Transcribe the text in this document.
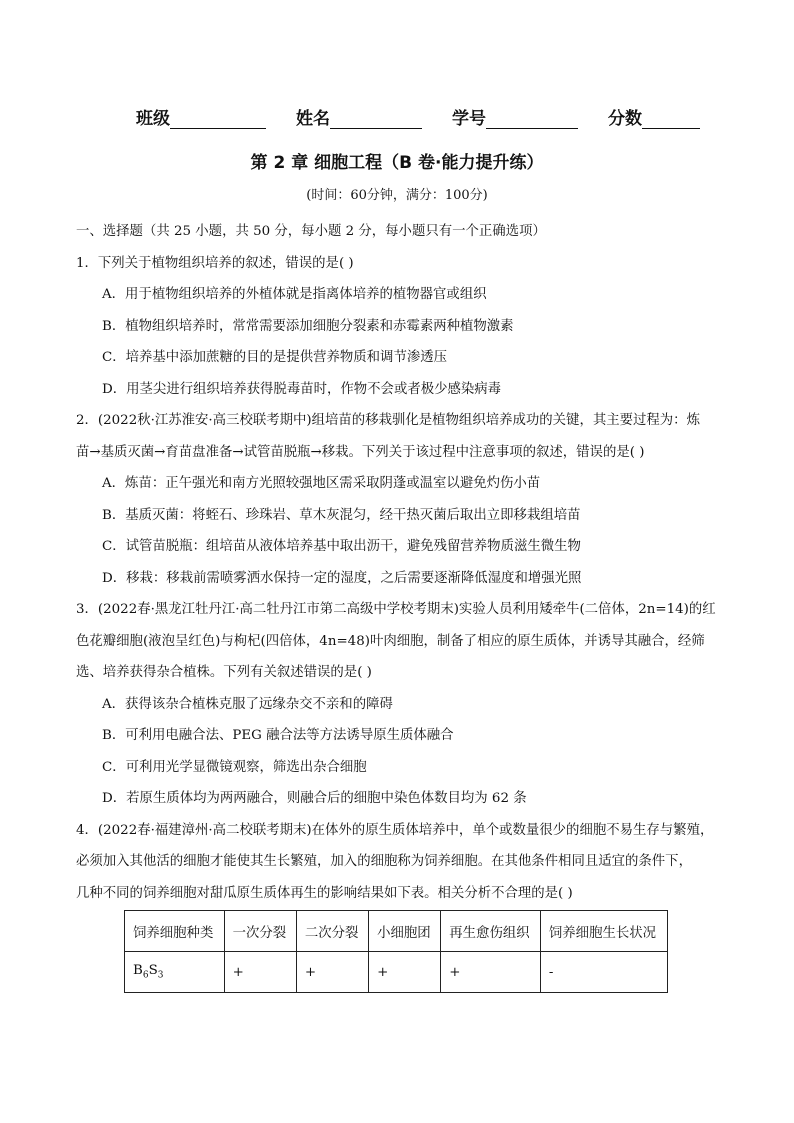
班级	姓名	学号	分数
第 2 章 细胞工程（B 卷·能力提升练）
(时间：60分钟，满分：100分)

一、选择题（共 25 小题，共 50 分，每小题 2 分，每小题只有一个正确选项）

1．下列关于植物组织培养的叙述，错误的是( )

A．用于植物组织培养的外植体就是指离体培养的植物器官或组织

B．植物组织培养时，常常需要添加细胞分裂素和赤霉素两种植物激素

C．培养基中添加蔗糖的目的是提供营养物质和调节渗透压

D．用茎尖进行组织培养获得脱毒苗时，作物不会或者极少感染病毒

2．(2022秋·江苏淮安·高三校联考期中)组培苗的移栽驯化是植物组织培养成功的关键，其主要过程为：炼

苗→基质灭菌→育苗盘准备→试管苗脱瓶→移栽。下列关于该过程中注意事项的叙述，错误的是( )

A．炼苗：正午强光和南方光照较强地区需采取阴蓬或温室以避免灼伤小苗

B．基质灭菌：将蛭石、珍珠岩、草木灰混匀，经干热灭菌后取出立即移栽组培苗

C．试管苗脱瓶：组培苗从液体培养基中取出沥干，避免残留营养物质滋生微生物

D．移栽：移栽前需喷雾洒水保持一定的湿度，之后需要逐渐降低湿度和增强光照

3．(2022春·黑龙江牡丹江·高二牡丹江市第二高级中学校考期末)实验人员利用矮牵牛(二倍体，2n=14)的红

色花瓣细胞(液泡呈红色)与枸杞(四倍体，4n=48)叶肉细胞，制备了相应的原生质体，并诱导其融合，经筛

选、培养获得杂合植株。下列有关叙述错误的是( )

A．获得该杂合植株克服了远缘杂交不亲和的障碍

B．可利用电融合法、PEG 融合法等方法诱导原生质体融合

C．可利用光学显微镜观察，筛选出杂合细胞

D．若原生质体均为两两融合，则融合后的细胞中染色体数目均为 62 条

4．(2022春·福建漳州·高二校联考期末)在体外的原生质体培养中，单个或数量很少的细胞不易生存与繁殖，

必须加入其他活的细胞才能使其生长繁殖，加入的细胞称为饲养细胞。在其他条件相同且适宜的条件下，

几种不同的饲养细胞对甜瓜原生质体再生的影响结果如下表。相关分析不合理的是( )

饲养细胞种类	一次分裂	二次分裂	小细胞团	再生愈伤组织	饲养细胞生长状况
$B_6S_3$	+	+	+	+	-
